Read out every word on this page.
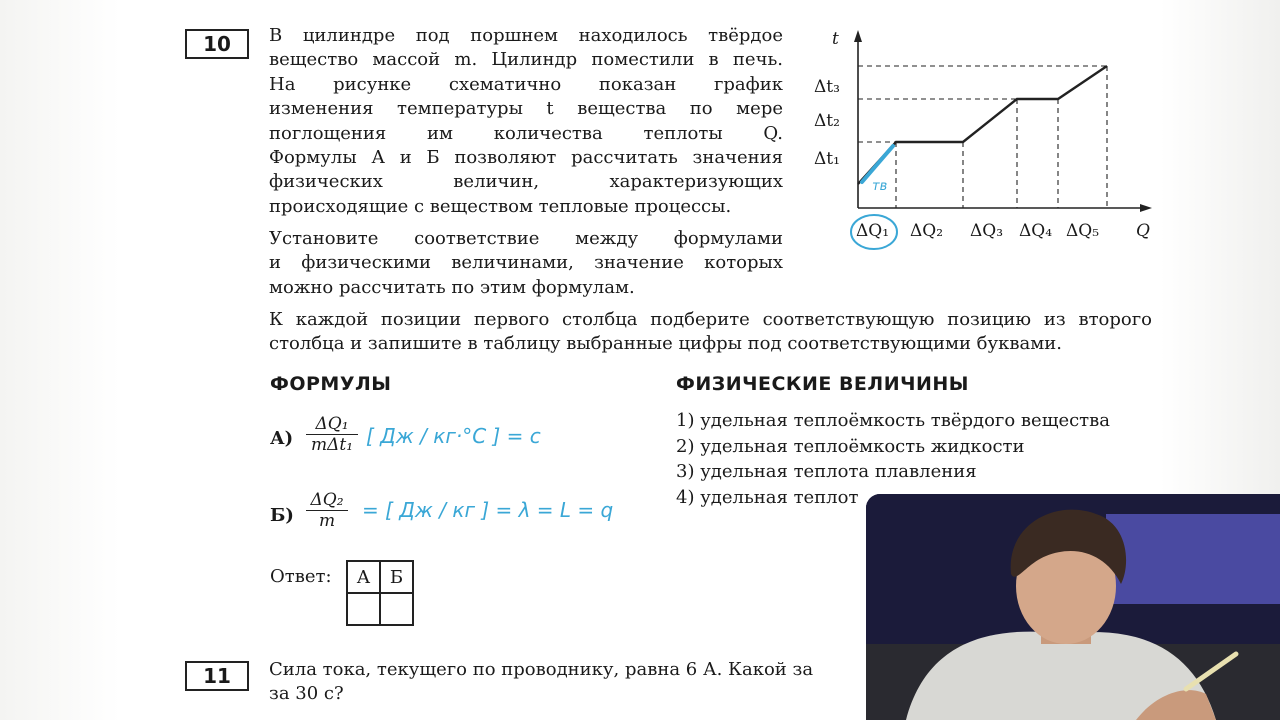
10	В цилиндре под поршнем находилось твёрдое
вещество массой m. Цилиндр поместили в печь.
На рисунке схематично показан график
изменения температуры t вещества по мере
поглощения им количества теплоты Q.
Формулы А и Б позволяют рассчитать значения
физических величин, характеризующих
происходящие с веществом тепловые процессы.
Установите соответствие между формулами
и физическими величинами, значение которых
можно рассчитать по этим формулам.
К каждой позиции первого столбца подберите соответствующую позицию из второго
столбца и запишите в таблицу выбранные цифры под соответствующими буквами.
t
Q
Δt₃
Δt₂
Δt₁
ΔQ₁ ΔQ₂ ΔQ₃ ΔQ₄ ΔQ₅
тв
ФОРМУЛЫ	ФИЗИЧЕСКИЕ ВЕЛИЧИНЫ
А)
ΔQ₁
mΔt₁
$Б) \frac{\text{ΔQ₂}}{m}$
[ Дж / кг·°С ] = с
= [ Дж / кг ] = λ = L = q
1) удельная теплоёмкость твёрдого вещества
2) удельная теплоёмкость жидкости
3) удельная теплота плавления
4) удельная теплот
Ответ: А	Б

11	Сила тока, текущего по проводнику, равна 6 А. Какой за
за 30 с?
